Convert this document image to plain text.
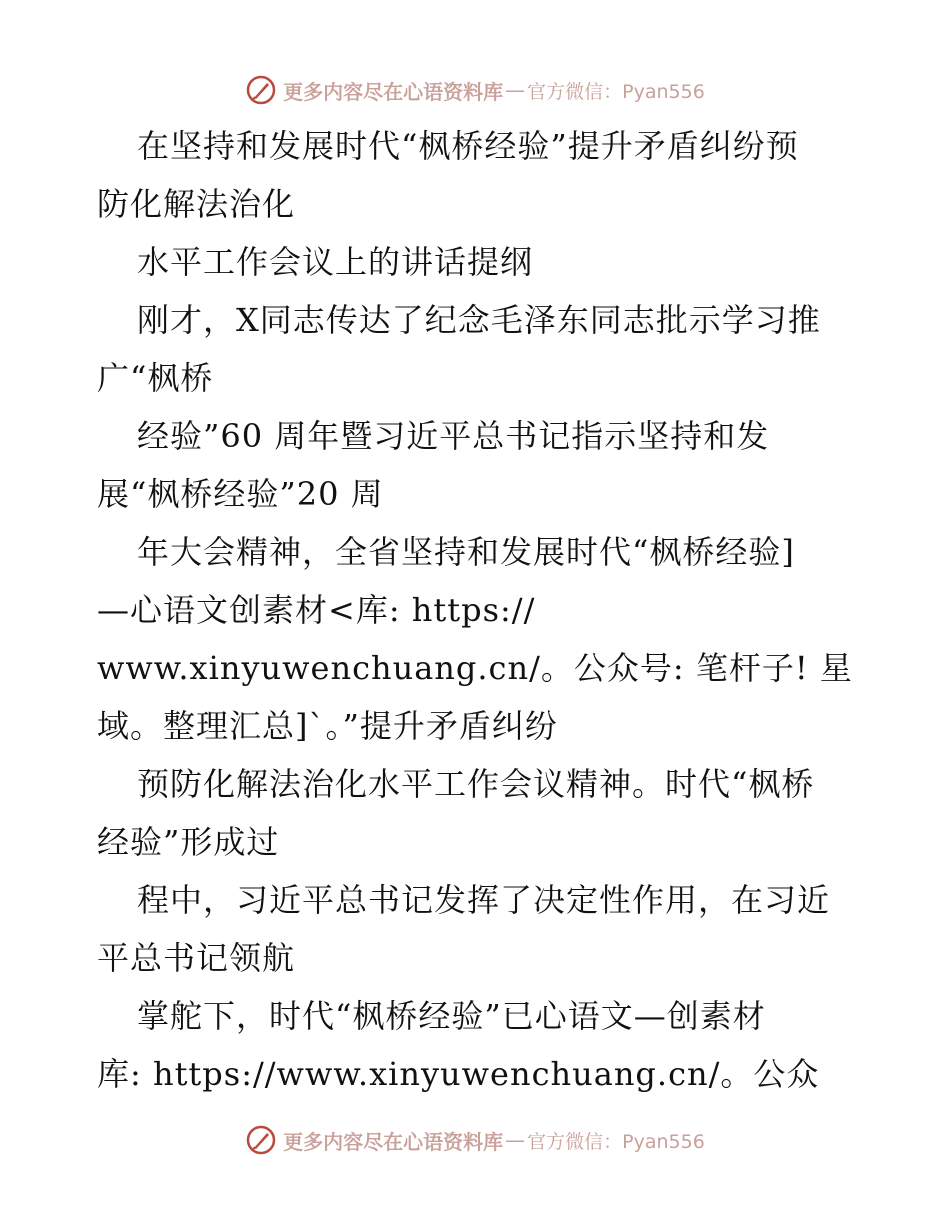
更多内容尽在心语资料库 — 官方微信：Pyan556
在坚持和发展时代“枫桥经验”提升矛盾纠纷预
防化解法治化
水平工作会议上的讲话提纲
刚才，X同志传达了纪念毛泽东同志批示学习推
广“枫桥
经验”60 周年暨习近平总书记指示坚持和发
展“枫桥经验”20 周
年大会精神，全省坚持和发展时代“枫桥经验]
—心语文创素材<库: https://
www.xinyuwenchuang.cn/。公众号: 笔杆子! 星
域。整理汇总]`。”提升矛盾纠纷
预防化解法治化水平工作会议精神。时代“枫桥
经验”形成过
程中，习近平总书记发挥了决定性作用，在习近
平总书记领航
掌舵下，时代“枫桥经验”已心语文—创素材
库: https://www.xinyuwenchuang.cn/。公众
更多内容尽在心语资料库 — 官方微信：Pyan556
